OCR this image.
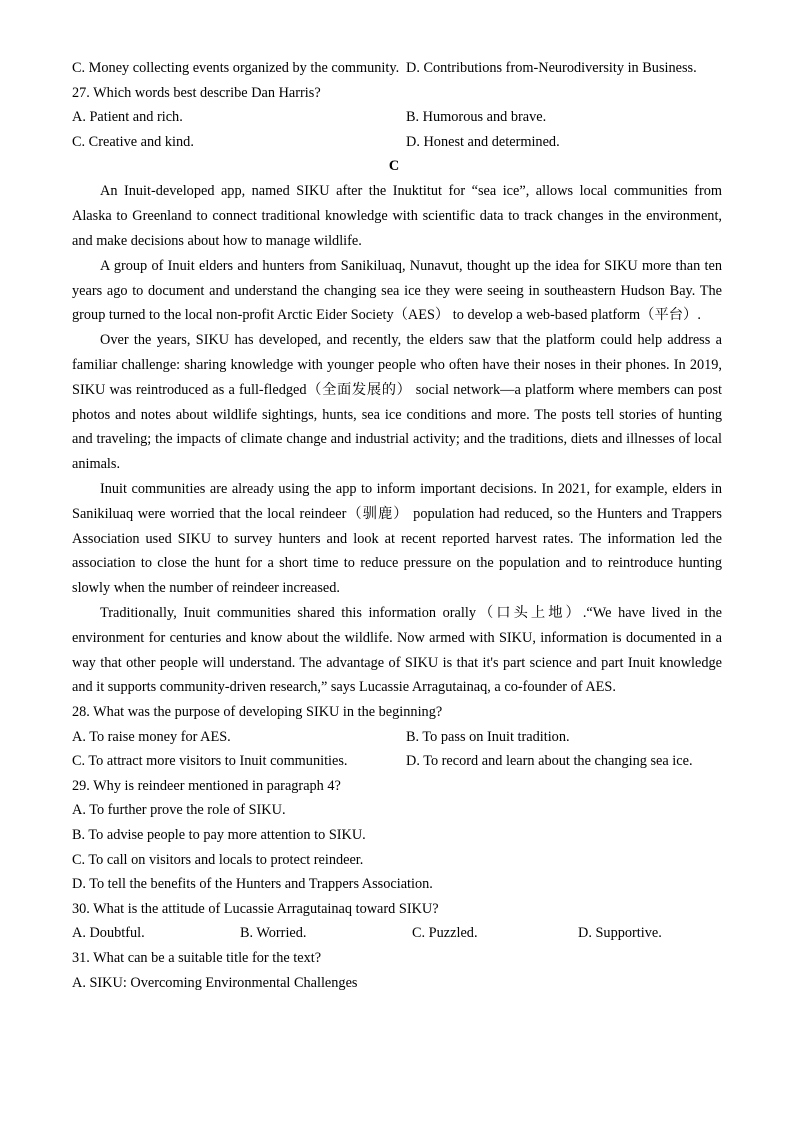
C. Money collecting events organized by the community. D. Contributions from-Neurodiversity in Business.
27. Which words best describe Dan Harris?
A. Patient and rich.	B. Humorous and brave.
C. Creative and kind.	D. Honest and determined.
C

An Inuit-developed app, named SIKU after the Inuktitut for “sea ice”, allows local communities from Alaska to Greenland to connect traditional knowledge with scientific data to track changes in the environment, and make decisions about how to manage wildlife.

A group of Inuit elders and hunters from Sanikiluaq, Nunavut, thought up the idea for SIKU more than ten years ago to document and understand the changing sea ice they were seeing in southeastern Hudson Bay. The group turned to the local non-profit Arctic Eider Society（AES） to develop a web-based platform（平台）.

Over the years, SIKU has developed, and recently, the elders saw that the platform could help address a familiar challenge: sharing knowledge with younger people who often have their noses in their phones. In 2019, SIKU was reintroduced as a full-fledged（全面发展的） social network—a platform where members can post photos and notes about wildlife sightings, hunts, sea ice conditions and more. The posts tell stories of hunting and traveling; the impacts of climate change and industrial activity; and the traditions, diets and illnesses of local animals.

Inuit communities are already using the app to inform important decisions. In 2021, for example, elders in Sanikiluaq were worried that the local reindeer（驯鹿） population had reduced, so the Hunters and Trappers Association used SIKU to survey hunters and look at recent reported harvest rates. The information led the association to close the hunt for a short time to reduce pressure on the population and to reintroduce hunting slowly when the number of reindeer increased.

Traditionally, Inuit communities shared this information orally（口头上地）.“We have lived in the environment for centuries and know about the wildlife. Now armed with SIKU, information is documented in a way that other people will understand. The advantage of SIKU is that it's part science and part Inuit knowledge and it supports community-driven research,” says Lucassie Arragutainaq, a co-founder of AES.

28. What was the purpose of developing SIKU in the beginning?
A. To raise money for AES.	B. To pass on Inuit tradition.
C. To attract more visitors to Inuit communities.	D. To record and learn about the changing sea ice.
29. Why is reindeer mentioned in paragraph 4?
A. To further prove the role of SIKU.
B. To advise people to pay more attention to SIKU.
C. To call on visitors and locals to protect reindeer.
D. To tell the benefits of the Hunters and Trappers Association.
30. What is the attitude of Lucassie Arragutainaq toward SIKU?
A. Doubtful.	B. Worried.	C. Puzzled.	D. Supportive.
31. What can be a suitable title for the text?
A. SIKU: Overcoming Environmental Challenges
